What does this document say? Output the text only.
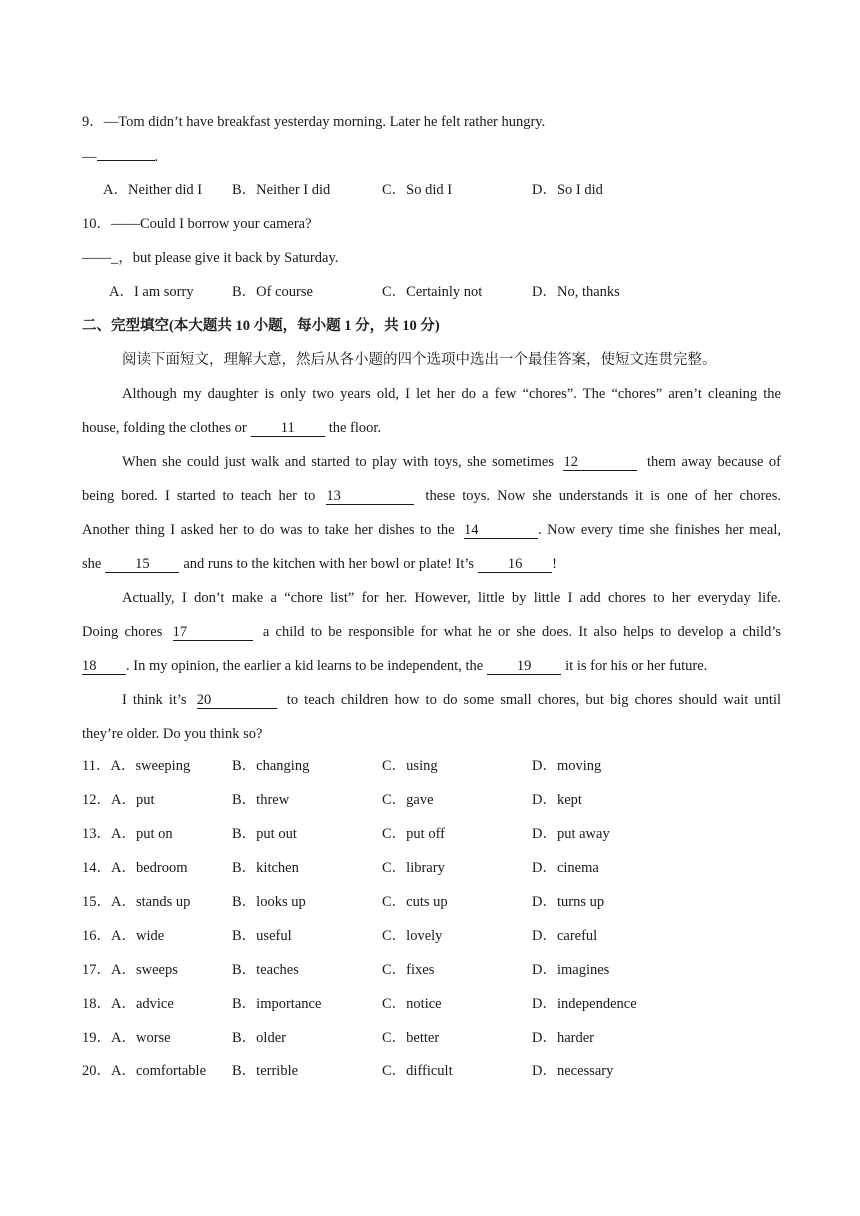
9．—Tom didn’t have breakfast yesterday morning. Later he felt rather hungry.
—	.
A．Neither did I B．Neither I did	C．So did I	D．So I did
10．——Could I borrow your camera?
——_，but please give it back by Saturday.
A．I am sorry	B．Of course	C．Certainly not	D．No, thanks
二、完型填空(本大题共 10 小题，每小题 1 分，共 10 分)
阅读下面短文，理解大意，然后从各小题的四个选项中选出一个最佳答案，使短文连贯完整。
Although my daughter is only two years old, I let her do a few “chores”. The “chores” aren’t cleaning the
house, folding the clothes or 11 the floor.
When she could just walk and started to play with toys, she sometimes 12	them away because of
being bored. I started to teach her to 13	these toys. Now she understands it is one of her chores.
Another thing I asked her to do was to take her dishes to the 14	. Now every time she finishes her meal,
she 15 and runs to the kitchen with her bowl or plate! It’s 16 !
Actually, I don’t make a “chore list” for her. However, little by little I add chores to her everyday life.
Doing chores 17	a child to be responsible for what he or she does. It also helps to develop a child’s
18 . In my opinion, the earlier a kid learns to be independent, the 19 it is for his or her future.
I think it’s 20	to teach children how to do some small chores, but big chores should wait until
they’re older. Do you think so?
11．A．sweeping	B．changing	C．using	D．moving
12．A．put	B．threw	C．gave	D．kept
13．A．put on	B．put out	C．put off	D．put away
14．A．bedroom	B．kitchen	C．library	D．cinema
15．A．stands up	B．looks up	C．cuts up	D．turns up
16．A．wide	B．useful	C．lovely	D．careful
17．A．sweeps	B．teaches	C．fixes	D．imagines
18．A．advice	B．importance	C．notice	D．independence
19．A．worse	B．older	C．better	D．harder
20．A．comfortable B．terrible	C．difficult	D．necessary
